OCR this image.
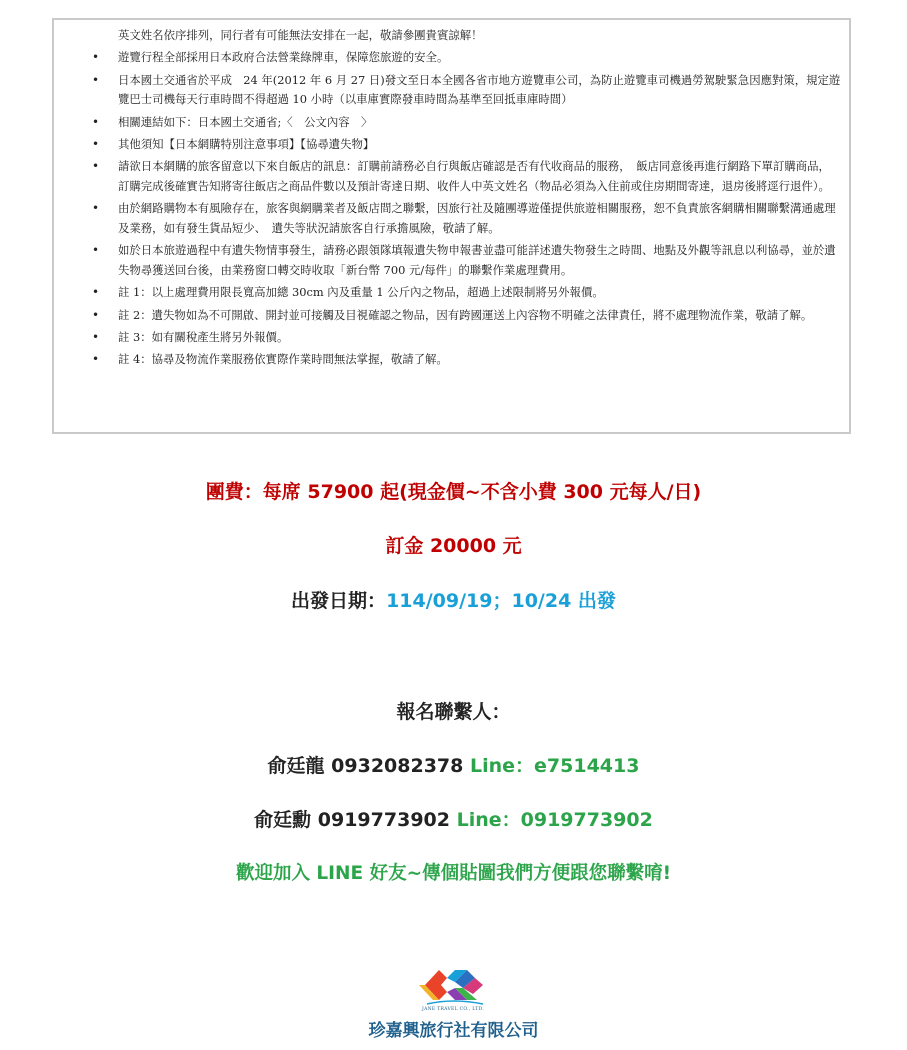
英文姓名依序排列，同行者有可能無法安排在一起，敬請參團貴賓諒解！
• 遊覽行程全部採用日本政府合法營業綠牌車，保障您旅遊的安全。
• 日本國土交通省於平成　24 年(2012 年 6 月 27 日)發文至日本全國各省市地方遊覽車公司，為防止遊覽車司機過勞駕駛緊急因應對策，規定遊覽巴士司機每天行車時間不得超過 10 小時（以車庫實際發車時間為基準至回抵車庫時間）
• 相關連結如下：日本國土交通省;〈　公文內容　〉
• 其他須知【日本網購特別注意事項】【協尋遺失物】
• 請欲日本網購的旅客留意以下來自飯店的訊息：訂購前請務必自行與飯店確認是否有代收商品的服務，　飯店同意後再進行網路下單訂購商品，訂購完成後確實告知將寄往飯店之商品件數以及預計寄達日期、收件人中英文姓名（物品必須為入住前或住房期間寄達，退房後將逕行退件）。
• 由於網路購物本有風險存在，旅客與網購業者及飯店間之聯繫，因旅行社及隨團導遊僅提供旅遊相關服務，恕不負責旅客網購相關聯繫溝通處理及業務，如有發生貨品短少、　遺失等狀況請旅客自行承擔風險，敬請了解。
• 如於日本旅遊過程中有遺失物情事發生，請務必跟領隊填報遺失物申報書並盡可能詳述遺失物發生之時間、地點及外觀等訊息以利協尋，並於遺失物尋獲送回台後，由業務窗口轉交時收取「新台幣 700 元/每件」的聯繫作業處理費用。
• 註 1：以上處理費用限長寬高加總 30cm 內及重量 1 公斤內之物品，超過上述限制將另外報價。
• 註 2：遺失物如為不可開啟、開封並可接觸及目視確認之物品，因有跨國運送上內容物不明確之法律責任，將不處理物流作業，敬請了解。
• 註 3：如有關稅產生將另外報價。
• 註 4：協尋及物流作業服務依實際作業時間無法掌握，敬請了解。
團費：每席 57900 起(現金價~不含小費 300 元每人/日)
訂金 20000 元
出發日期：114/09/19；10/24 出發
報名聯繫人：
俞廷龍 0932082378 Line：e7514413
俞廷勳 0919773902 Line：0919773902
歡迎加入 LINE 好友~傳個貼圖我們方便跟您聯繫唷!
JANE TRAVEL CO., LTD.
珍嘉興旅行社有限公司
